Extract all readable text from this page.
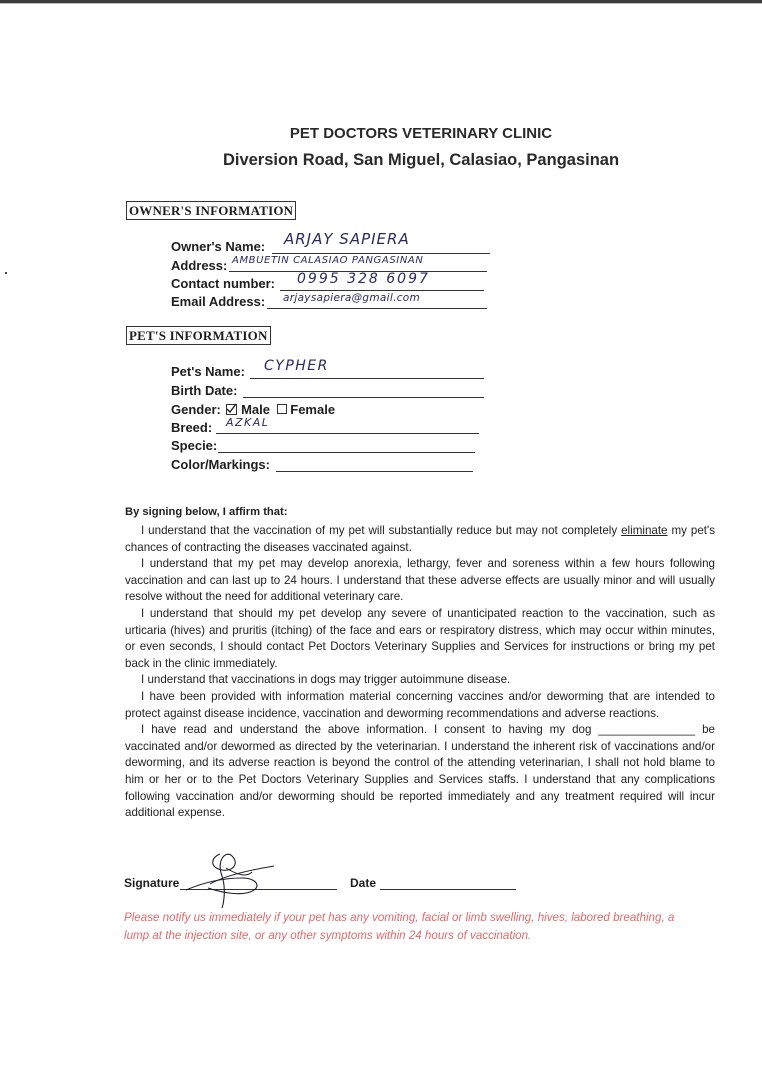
PET DOCTORS VETERINARY CLINIC
Diversion Road, San Miguel, Calasiao, Pangasinan
OWNER'S INFORMATION
Owner's Name: ARJAY SAPIERA
Address: AMBUETIN CALASIAO PANGASINAN
Contact number: 0995 328 6097
Email Address: arjaysapiera@gmail.com
PET'S INFORMATION
Pet's Name: CYPHER
Birth Date:
Gender: Male Female
Breed: AZKAL
Specie:
Color/Markings:
By signing below, I affirm that:

I understand that the vaccination of my pet will substantially reduce but may not completely eliminate my pet's chances of contracting the diseases vaccinated against.

I understand that my pet may develop anorexia, lethargy, fever and soreness within a few hours following vaccination and can last up to 24 hours. I understand that these adverse effects are usually minor and will usually resolve without the need for additional veterinary care.

I understand that should my pet develop any severe of unanticipated reaction to the vaccination, such as urticaria (hives) and pruritis (itching) of the face and ears or respiratory distress, which may occur within minutes, or even seconds, I should contact Pet Doctors Veterinary Supplies and Services for instructions or bring my pet back in the clinic immediately.

I understand that vaccinations in dogs may trigger autoimmune disease.

I have been provided with information material concerning vaccines and/or deworming that are intended to protect against disease incidence, vaccination and deworming recommendations and adverse reactions.

I have read and understand the above information. I consent to having my dog _______________ be vaccinated and/or dewormed as directed by the veterinarian. I understand the inherent risk of vaccinations and/or deworming, and its adverse reaction is beyond the control of the attending veterinarian, I shall not hold blame to him or her or to the Pet Doctors Veterinary Supplies and Services staffs. I understand that any complications following vaccination and/or deworming should be reported immediately and any treatment required will incur additional expense.

Signature	Date
Please notify us immediately if your pet has any vomiting, facial or limb swelling, hives, labored breathing, a lump at the injection site, or any other symptoms within 24 hours of vaccination.
